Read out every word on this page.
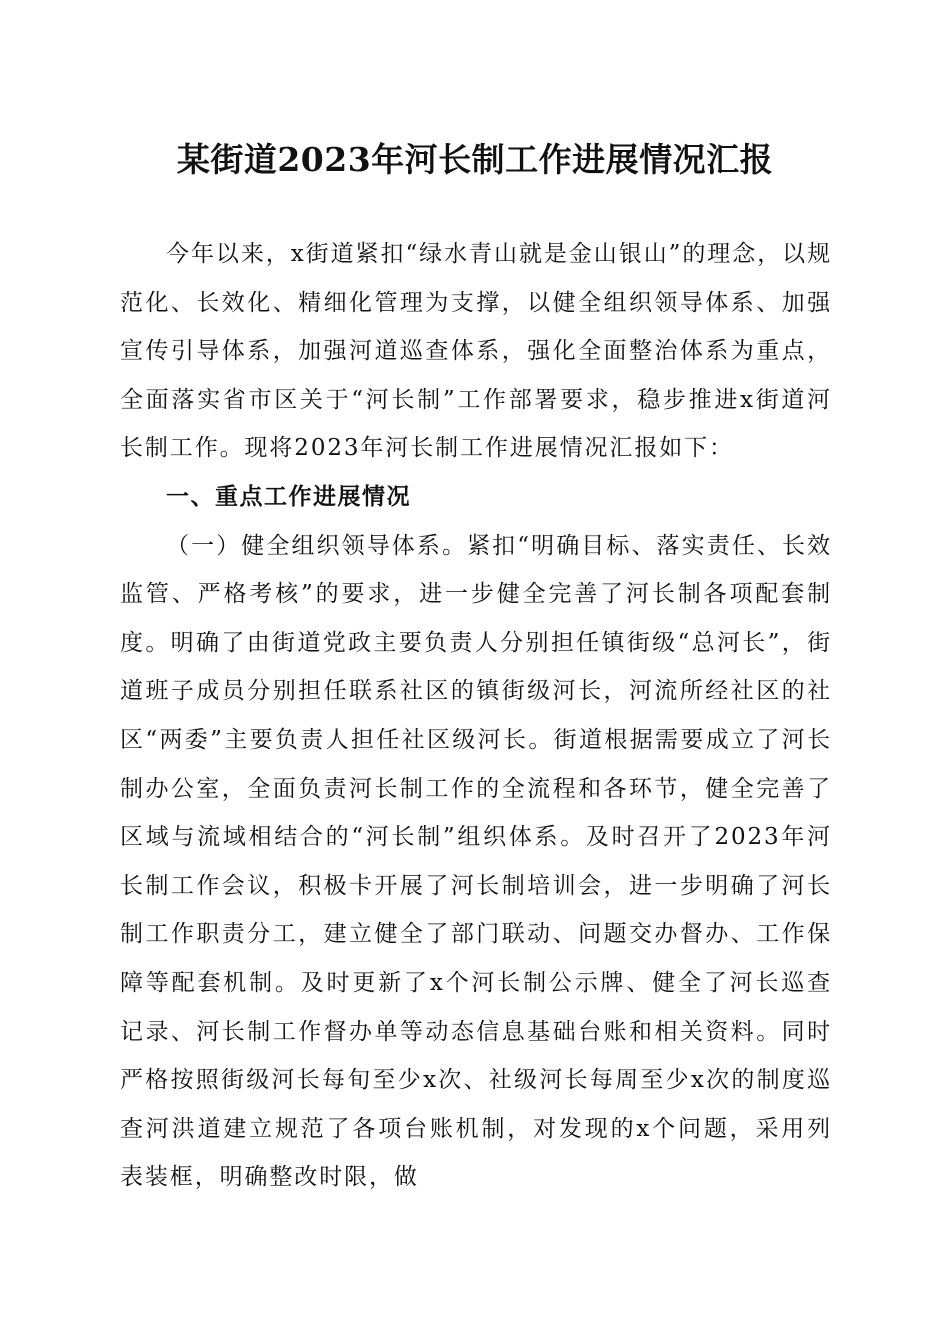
某街道2023年河长制工作进展情况汇报

今年以来，x街道紧扣“绿水青山就是金山银山”的理念，以规范化、长效化、精细化管理为支撑，以健全组织领导体系、加强宣传引导体系，加强河道巡查体系，强化全面整治体系为重点，全面落实省市区关于“河长制”工作部署要求，稳步推进x街道河长制工作。现将2023年河长制工作进展情况汇报如下：

一、重点工作进展情况

（一）健全组织领导体系。紧扣“明确目标、落实责任、长效监管、严格考核”的要求，进一步健全完善了河长制各项配套制度。明确了由街道党政主要负责人分别担任镇街级“总河长”，街道班子成员分别担任联系社区的镇街级河长，河流所经社区的社区“两委”主要负责人担任社区级河长。街道根据需要成立了河长制办公室，全面负责河长制工作的全流程和各环节，健全完善了区域与流域相结合的“河长制”组织体系。及时召开了2023年河长制工作会议，积极卡开展了河长制培训会，进一步明确了河长制工作职责分工，建立健全了部门联动、问题交办督办、工作保障等配套机制。及时更新了x个河长制公示牌、健全了河长巡查记录、河长制工作督办单等动态信息基础台账和相关资料。同时严格按照街级河长每旬至少x次、社级河长每周至少x次的制度巡查河洪道建立规范了各项台账机制，对发现的x个问题，采用列表装框，明确整改时限，做
